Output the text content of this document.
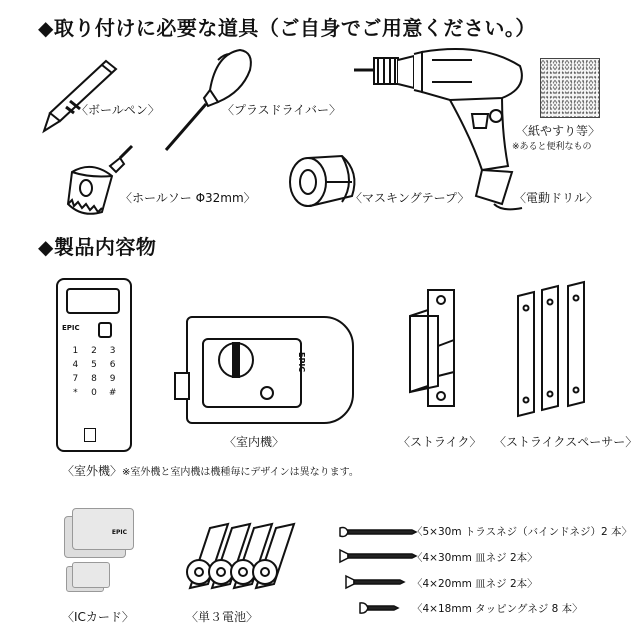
◆取り付けに必要な道具（ご自身でご用意ください。）
〈ボールペン〉	〈プラスドライバー〉
〈電動ドリル〉
〈紙やすり等〉
※あると便利なもの
〈ホールソー Φ32mm〉	〈マスキングテープ〉
◆製品内容物
EPIC
1	2	3
4	5	6
7	8	9
*	0	#
〈室外機〉 ※室外機と室内機は機種毎にデザインは異なります。
EPIC
〈室内機〉	〈ストライク〉 〈ストライクスペーサー〉
EPIC
〈ICカード〉	〈単３電池〉
〈5×30m トラスネジ（バインドネジ）2 本〉
〈4×30mm 皿ネジ 2本〉
〈4×20mm 皿ネジ 2本〉
〈4×18mm タッピングネジ 8 本〉
